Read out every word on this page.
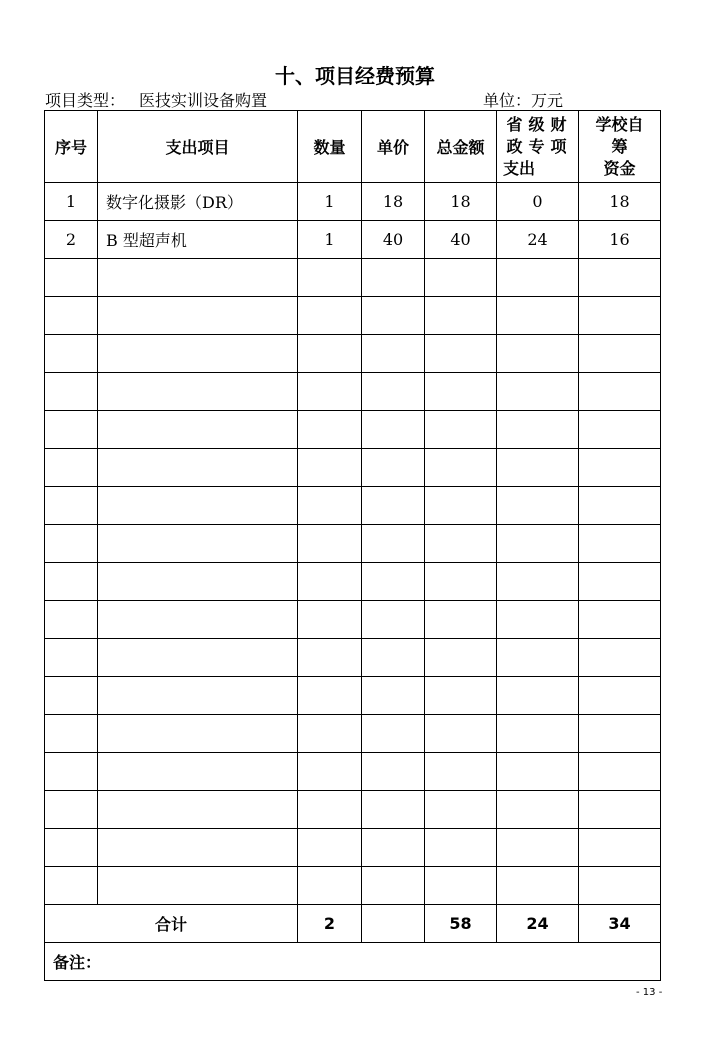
十、项目经费预算
项目类型： 医技实训设备购置	单位：万元
序号	支出项目	数量	单价	总金额	省级财
政专项
支出	学校自
筹
资金

1	数字化摄影（DR）	1	18	18	0	18
2	B 型超声机	1	40	40	24	16

合计		2		58	24	34
备注：						
- 13 -
